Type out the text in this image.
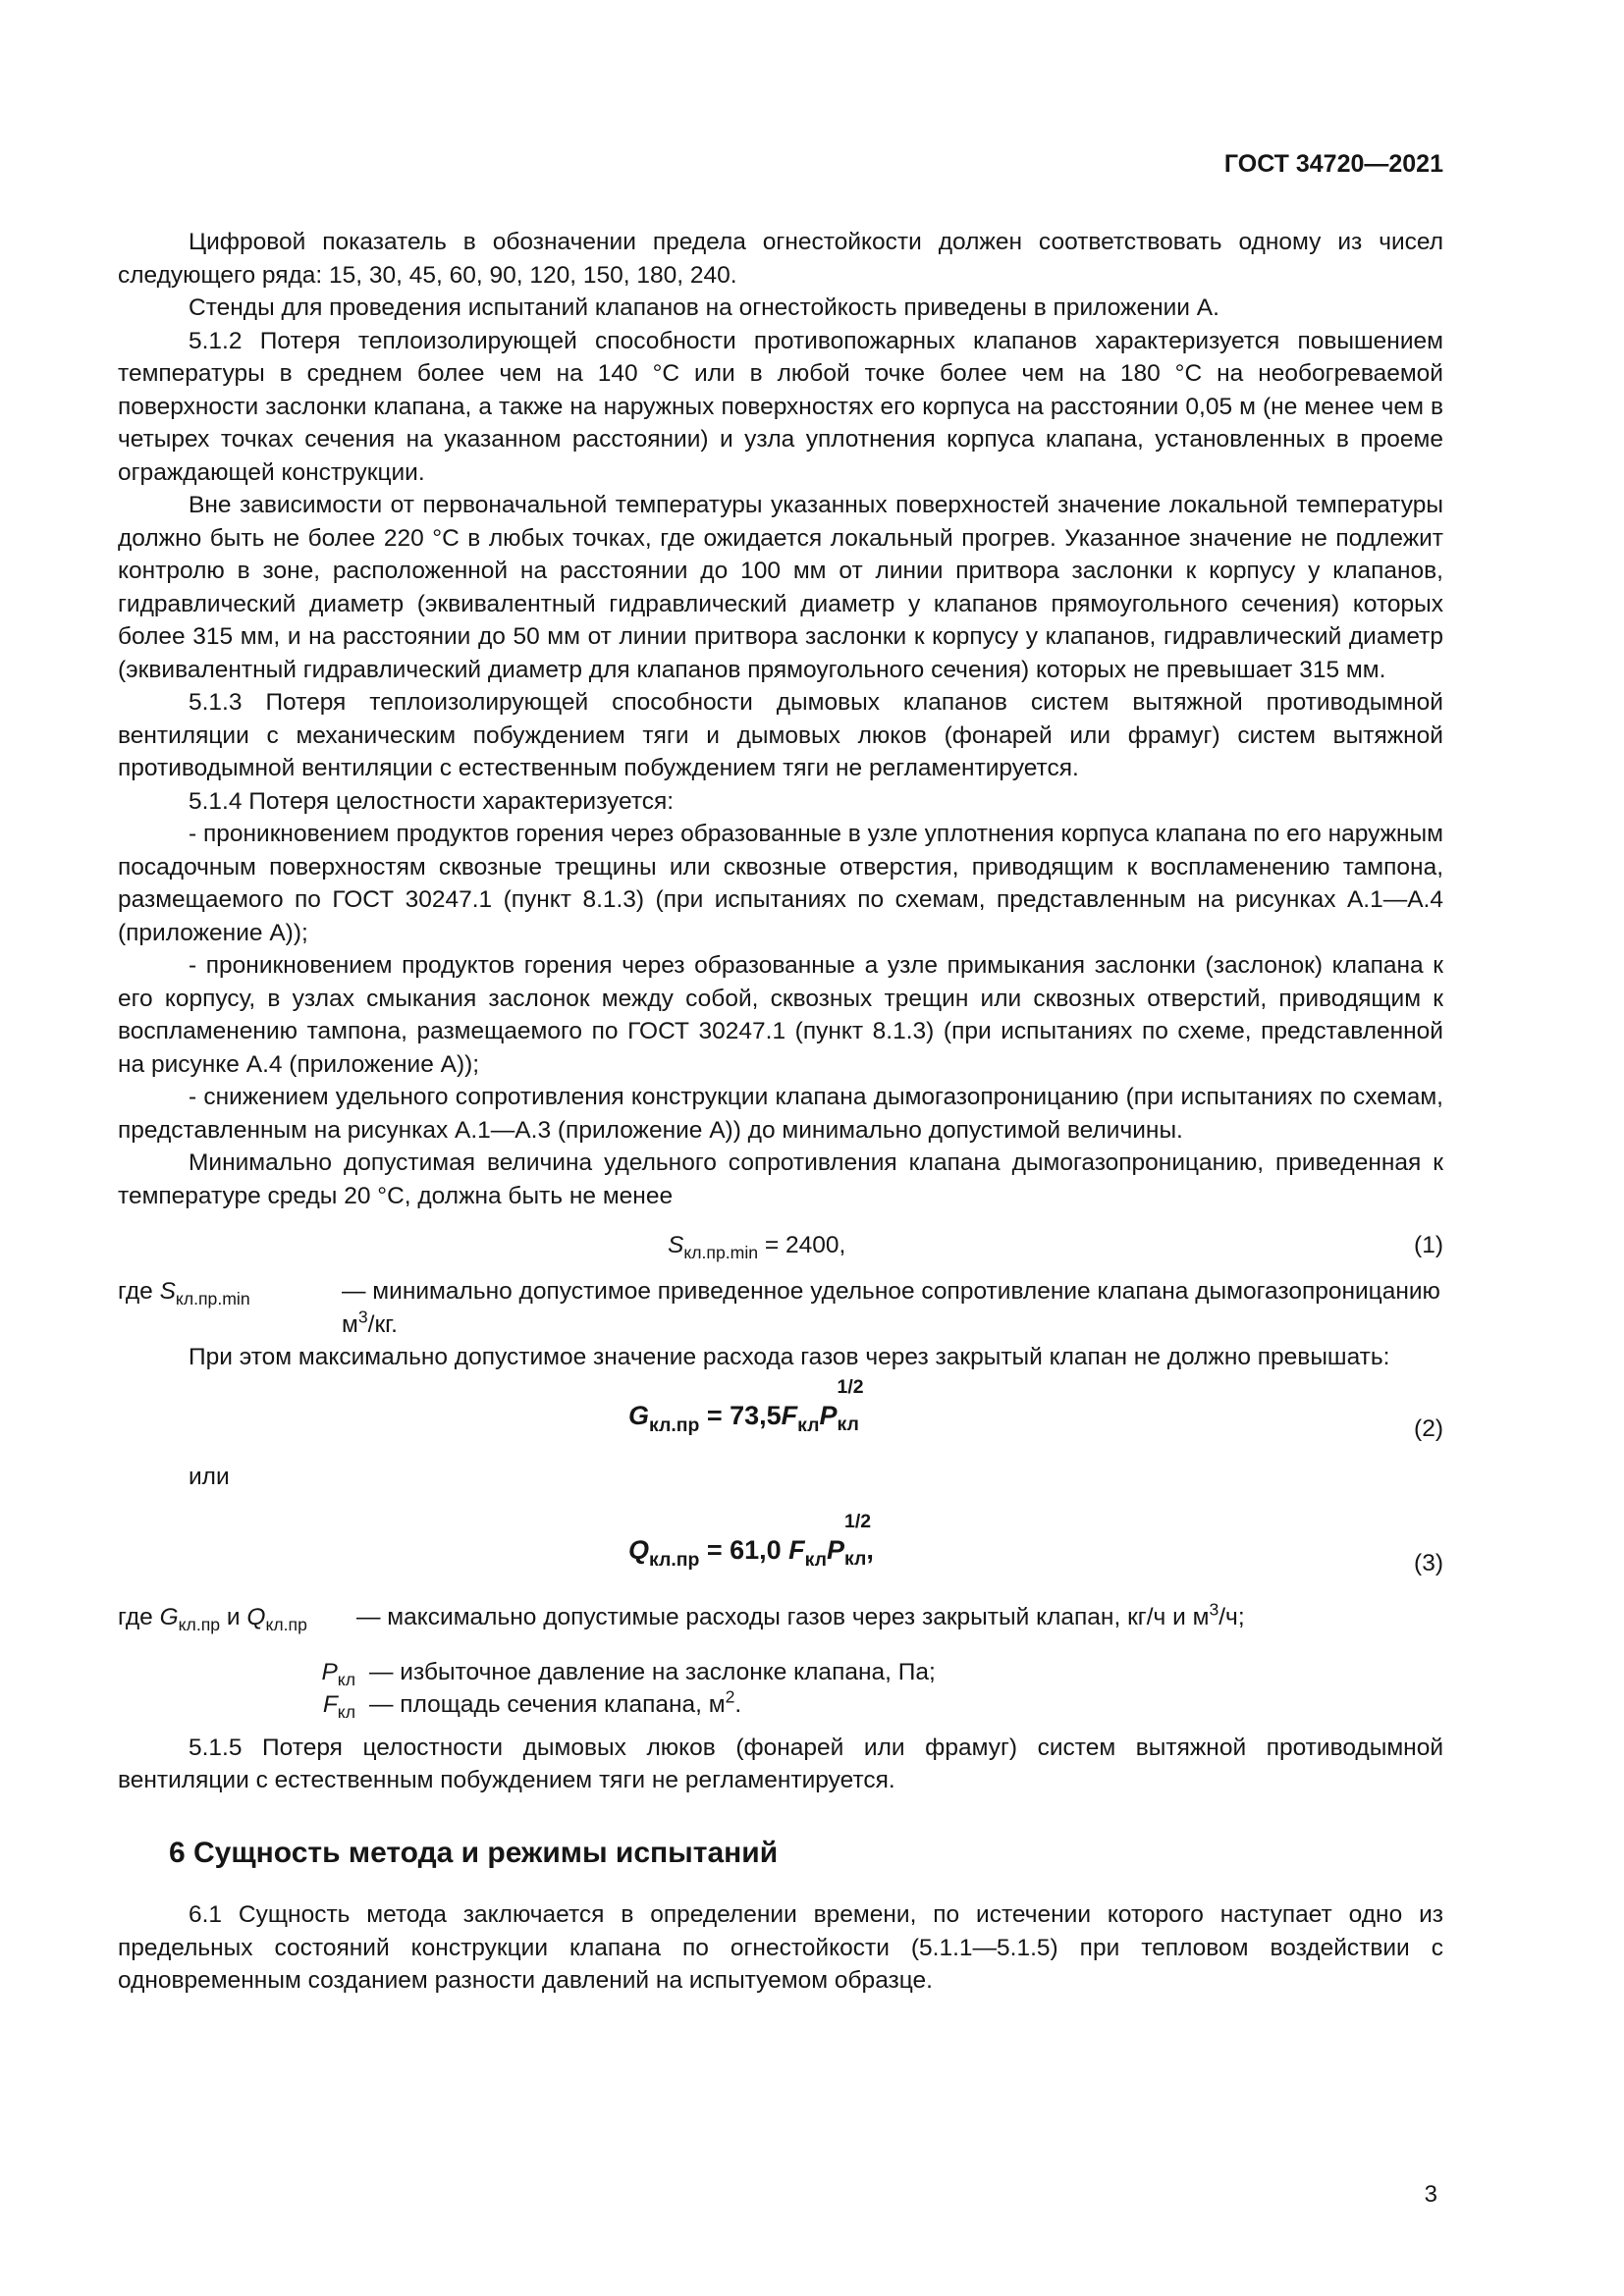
ГОСТ 34720—2021

Цифровой показатель в обозначении предела огнестойкости должен соответствовать одному из чисел следующего ряда: 15, 30, 45, 60, 90, 120, 150, 180, 240.

Стенды для проведения испытаний клапанов на огнестойкость приведены в приложении А.

5.1.2 Потеря теплоизолирующей способности противопожарных клапанов характеризуется повышением температуры в среднем более чем на 140 °С или в любой точке более чем на 180 °С на необогреваемой поверхности заслонки клапана, а также на наружных поверхностях его корпуса на расстоянии 0,05 м (не менее чем в четырех точках сечения на указанном расстоянии) и узла уплотнения корпуса клапана, установленных в проеме ограждающей конструкции.

Вне зависимости от первоначальной температуры указанных поверхностей значение локальной температуры должно быть не более 220 °С в любых точках, где ожидается локальный прогрев. Указанное значение не подлежит контролю в зоне, расположенной на расстоянии до 100 мм от линии притвора заслонки к корпусу у клапанов, гидравлический диаметр (эквивалентный гидравлический диаметр у клапанов прямоугольного сечения) которых более 315 мм, и на расстоянии до 50 мм от линии притвора заслонки к корпусу у клапанов, гидравлический диаметр (эквивалентный гидравлический диаметр для клапанов прямоугольного сечения) которых не превышает 315 мм.

5.1.3 Потеря теплоизолирующей способности дымовых клапанов систем вытяжной противодымной вентиляции с механическим побуждением тяги и дымовых люков (фонарей или фрамуг) систем вытяжной противодымной вентиляции с естественным побуждением тяги не регламентируется.

5.1.4 Потеря целостности характеризуется:

- проникновением продуктов горения через образованные в узле уплотнения корпуса клапана по его наружным посадочным поверхностям сквозные трещины или сквозные отверстия, приводящим к воспламенению тампона, размещаемого по ГОСТ 30247.1 (пункт 8.1.3) (при испытаниях по схемам, представленным на рисунках А.1—А.4 (приложение А));

- проникновением продуктов горения через образованные а узле примыкания заслонки (заслонок) клапана к его корпусу, в узлах смыкания заслонок между собой, сквозных трещин или сквозных отверстий, приводящим к воспламенению тампона, размещаемого по ГОСТ 30247.1 (пункт 8.1.3) (при испытаниях по схеме, представленной на рисунке А.4 (приложение А));

- снижением удельного сопротивления конструкции клапана дымогазопроницанию (при испытаниях по схемам, представленным на рисунках А.1—А.3 (приложение А)) до минимально допустимой величины.

Минимально допустимая величина удельного сопротивления клапана дымогазопроницанию, приведенная к температуре среды 20 °С, должна быть не менее

$S_{кл.пр.min} = 2400$,	(1)
где $S_{кл.пр.min}$	— минимально допустимое приведенное удельное сопротивление клапана дымогазопроницанию $м^3/кг$.

При этом максимально допустимое значение расхода газов через закрытый клапан не должно превышать:

$G_{кл.пр} = 73,5F_{кл}P$
1/2
$_{кл}$	(2)

или

$Q_{кл.пр} = 61,0$ $F_{кл}P$
1/2
$_{кл}$,	(3)
где $G_{кл.пр}$ и $Q_{кл.пр}$	— максимально допустимые расходы газов через закрытый клапан, кг/ч и $м^3/ч$;
$P_{кл}$ — избыточное давление на заслонке клапана, Па;
$F_{кл}$ — площадь сечения клапана, $м^2$.

5.1.5 Потеря целостности дымовых люков (фонарей или фрамуг) систем вытяжной противодымной вентиляции с естественным побуждением тяги не регламентируется.

6 Сущность метода и режимы испытаний

6.1 Сущность метода заключается в определении времени, по истечении которого наступает одно из предельных состояний конструкции клапана по огнестойкости (5.1.1—5.1.5) при тепловом воздействии с одновременным созданием разности давлений на испытуемом образце.

3
